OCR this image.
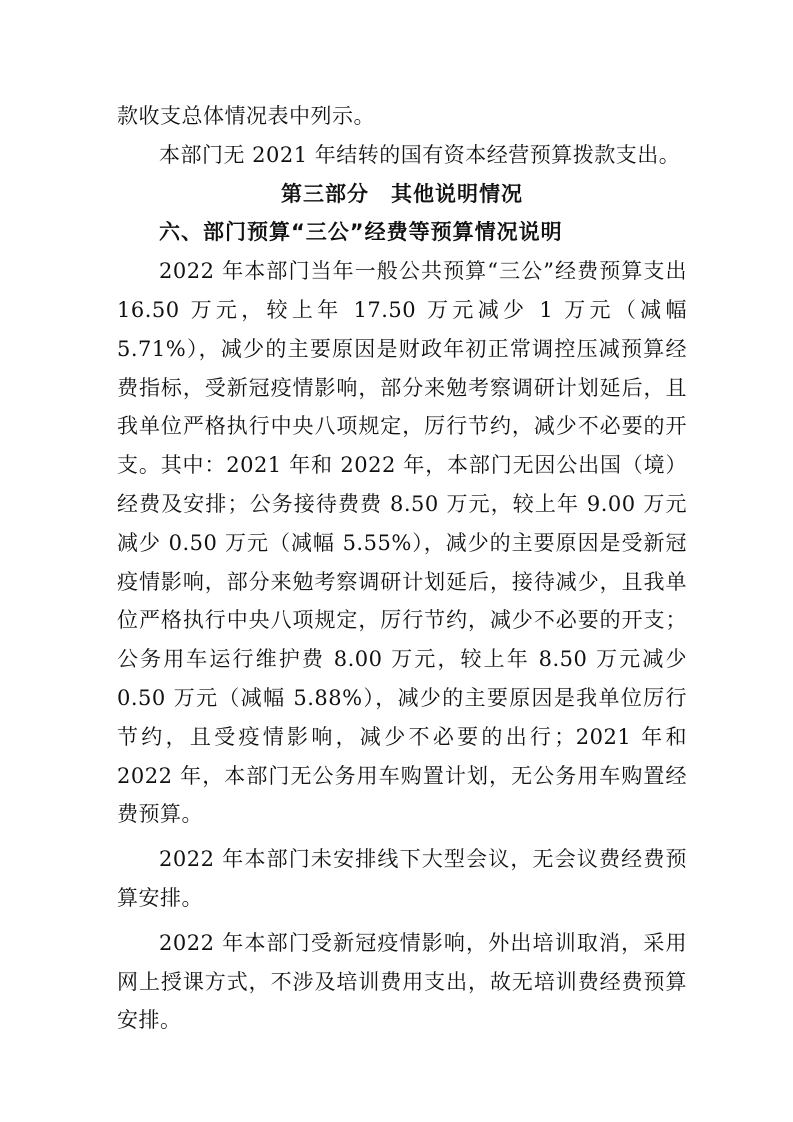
款收支总体情况表中列示。

本部门无 2021 年结转的国有资本经营预算拨款支出。

第三部分　其他说明情况

六、部门预算“三公”经费等预算情况说明

2022 年本部门当年一般公共预算“三公”经费预算支出 16.50 万元，较上年 17.50 万元减少 1 万元（减幅 5.71%），减少的主要原因是财政年初正常调控压减预算经费指标，受新冠疫情影响，部分来勉考察调研计划延后，且我单位严格执行中央八项规定，厉行节约，减少不必要的开支。其中：2021 年和 2022 年，本部门无因公出国（境）经费及安排；公务接待费费 8.50 万元，较上年 9.00 万元减少 0.50 万元（减幅 5.55%），减少的主要原因是受新冠疫情影响，部分来勉考察调研计划延后，接待减少，且我单位严格执行中央八项规定，厉行节约，减少不必要的开支；公务用车运行维护费 8.00 万元，较上年 8.50 万元减少 0.50 万元（减幅 5.88%），减少的主要原因是我单位厉行节约，且受疫情影响，减少不必要的出行；2021 年和 2022 年，本部门无公务用车购置计划，无公务用车购置经费预算。

2022 年本部门未安排线下大型会议，无会议费经费预算安排。

2022 年本部门受新冠疫情影响，外出培训取消，采用网上授课方式，不涉及培训费用支出，故无培训费经费预算安排。
